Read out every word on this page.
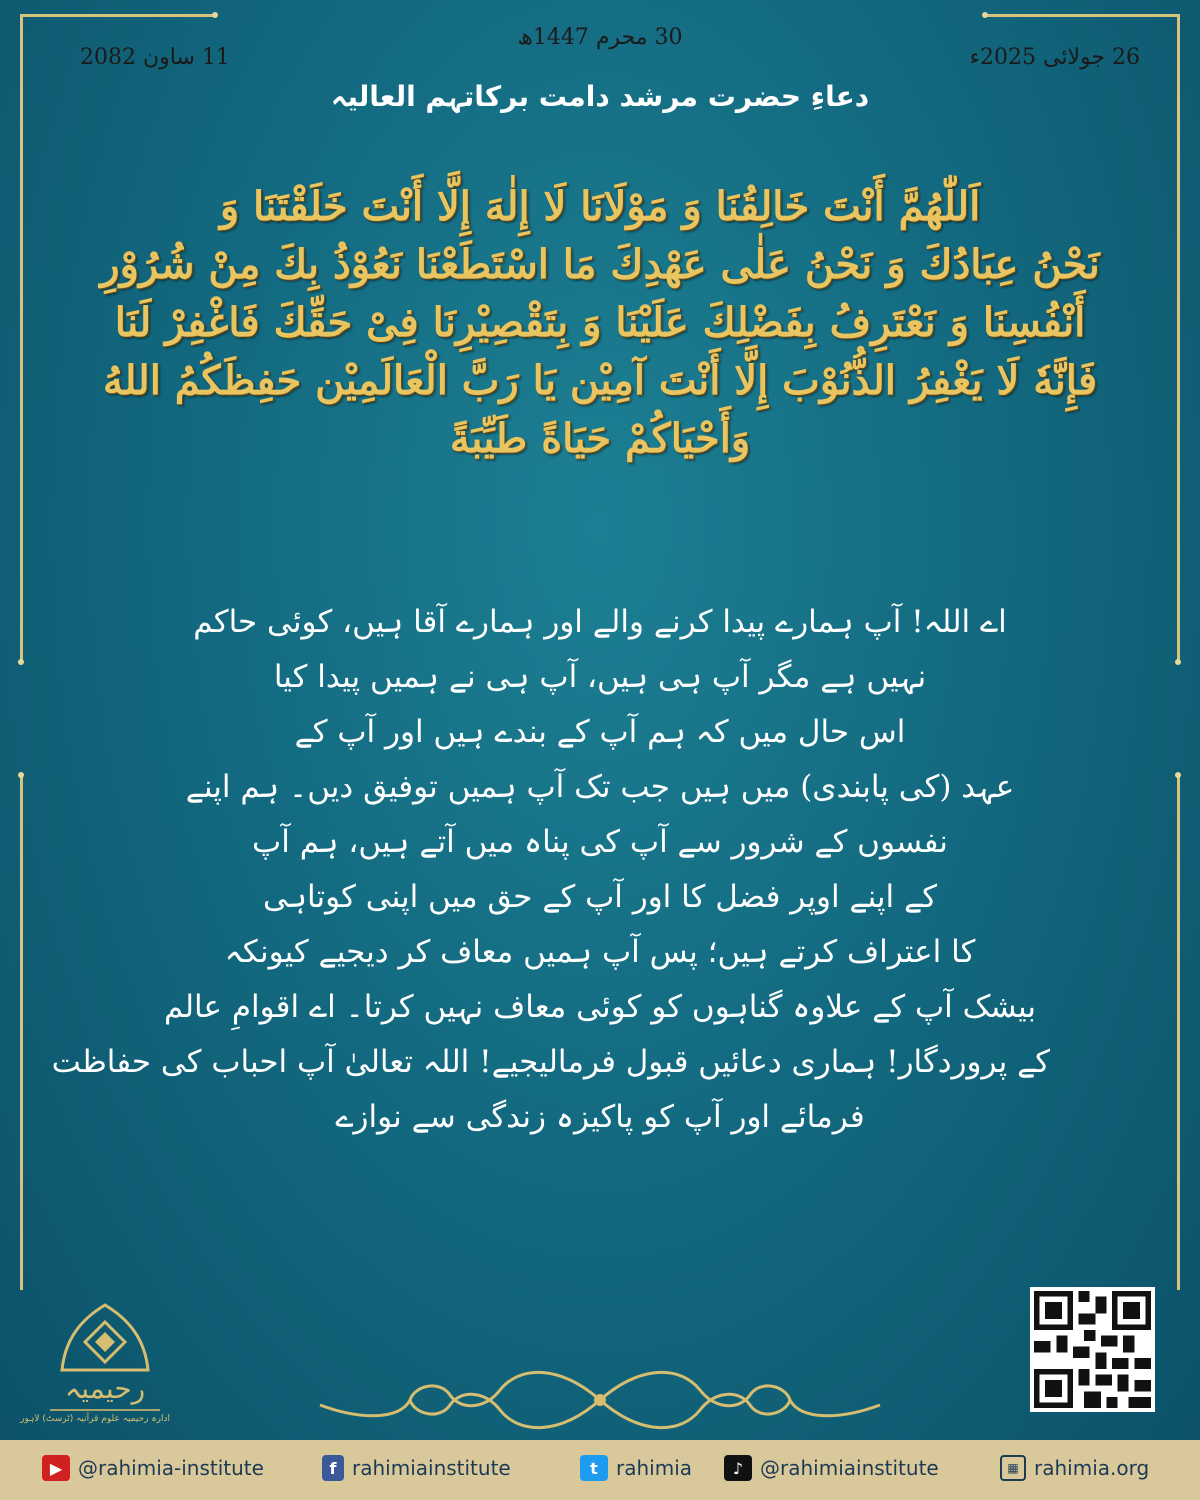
26 جولائی 2025ء
30 محرم 1447ھ
11 ساون 2082
دعاءِ حضرت مرشد دامت برکاتہم العالیہ
اَللّٰهُمَّ أَنْتَ خَالِقُنَا وَ مَوْلَانَا لَا إِلٰهَ إِلَّا أَنْتَ خَلَقْتَنَا وَ
نَحْنُ عِبَادُكَ وَ نَحْنُ عَلٰى عَهْدِكَ مَا اسْتَطَعْنَا نَعُوْذُ بِكَ مِنْ شُرُوْرِ
أَنْفُسِنَا وَ نَعْتَرِفُ بِفَضْلِكَ عَلَيْنَا وَ بِتَقْصِيْرِنَا فِىْ حَقِّكَ فَاغْفِرْ لَنَا
فَإِنَّهٗ لَا يَغْفِرُ الذُّنُوْبَ إِلَّا أَنْتَ آمِيْن يَا رَبَّ الْعَالَمِيْن حَفِظَكُمُ اللهُ
وَأَحْيَاكُمْ حَيَاةً طَيِّبَةً
اے اللہ! آپ ہمارے پیدا کرنے والے اور ہمارے آقا ہیں، کوئی حاکم
نہیں ہے مگر آپ ہی ہیں، آپ ہی نے ہمیں پیدا کیا
اس حال میں کہ ہم آپ کے بندے ہیں اور آپ کے
عہد (کی پابندی) میں ہیں جب تک آپ ہمیں توفیق دیں۔ ہم اپنے
نفسوں کے شرور سے آپ کی پناہ میں آتے ہیں، ہم آپ
کے اپنے اوپر فضل کا اور آپ کے حق میں اپنی کوتاہی
کا اعتراف کرتے ہیں؛ پس آپ ہمیں معاف کر دیجیے کیونکہ
بیشک آپ کے علاوہ گناہوں کو کوئی معاف نہیں کرتا۔ اے اقوامِ عالم
کے پروردگار! ہماری دعائیں قبول فرمالیجیے! اللہ تعالیٰ آپ احباب کی حفاظت
فرمائے اور آپ کو پاکیزہ زندگی سے نوازے
رحیمیہ
ادارہ رحیمیہ علوم قرآنیہ (ٹرسٹ) لاہور
▶ @rahimia-institute	f rahimiainstitute	t rahimia	♪ @rahimiainstitute	▦ rahimia.org
